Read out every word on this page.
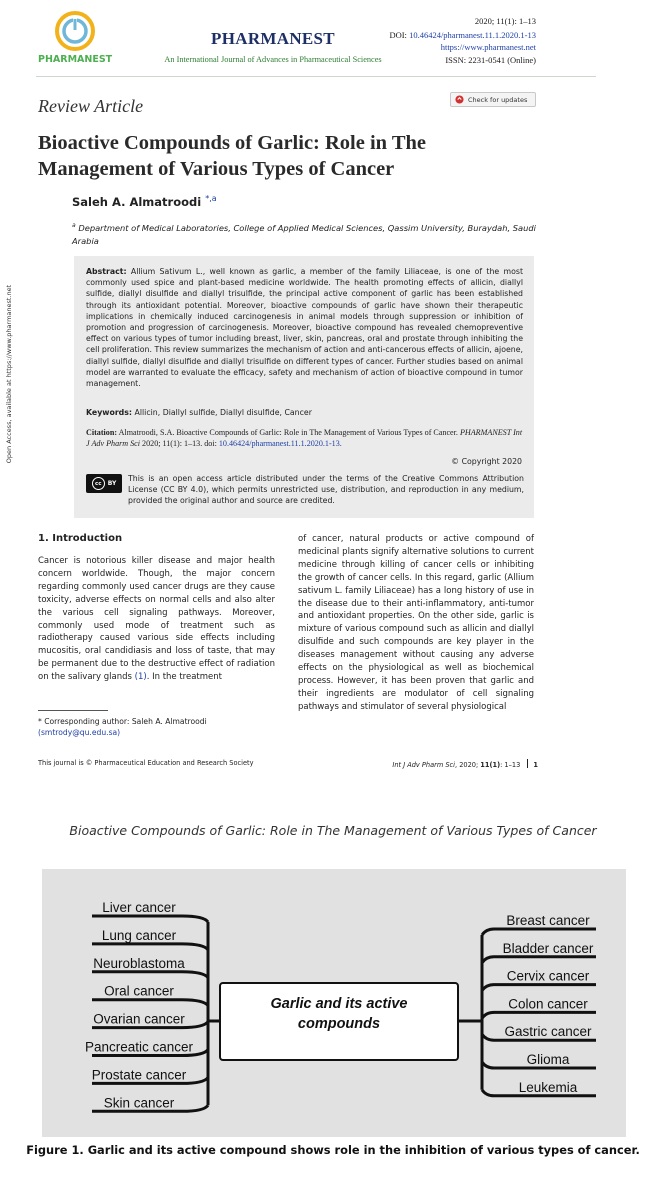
PHARMANEST
PHARMANEST
An International Journal of Advances in Pharmaceutical Sciences
2020; 11(1): 1–13
DOI: 10.46424/pharmanest.11.1.2020.1-13
https://www.pharmanest.net
ISSN: 2231-0541 (Online)
Open Access, available at https://www.pharmanest.net
Review Article	Check for updates
Bioactive Compounds of Garlic: Role in The Management of Various Types of Cancer
Saleh A. Almatroodi $^{*,a}$
$^a$ Department of Medical Laboratories, College of Applied Medical Sciences, Qassim University, Buraydah, Saudi Arabia
Abstract: Allium Sativum L., well known as garlic, a member of the family Liliaceae, is one of the most commonly used spice and plant-based medicine worldwide. The health promoting effects of allicin, diallyl sulfide, diallyl disulfide and diallyl trisulfide, the principal active component of garlic has been established through its antioxidant potential. Moreover, bioactive compounds of garlic have shown their therapeutic implications in chemically induced carcinogenesis in animal models through suppression or inhibition of promotion and progression of carcinogenesis. Moreover, bioactive compound has revealed chemopreventive effect on various types of tumor including breast, liver, skin, pancreas, oral and prostate through inhibiting the cell proliferation. This review summarizes the mechanism of action and anti-cancerous effects of allicin, ajoene, diallyl sulfide, diallyl disulfide and diallyl trisulfide on different types of cancer. Further studies based on animal model are warranted to evaluate the efficacy, safety and mechanism of action of bioactive compound in tumor management.
Keywords: Allicin, Diallyl sulfide, Diallyl disulfide, Cancer
Citation: Almatroodi, S.A. Bioactive Compounds of Garlic: Role in The Management of Various Types of Cancer. PHARMANEST Int J Adv Pharm Sci 2020; 11(1): 1–13. doi: 10.46424/pharmanest.11.1.2020.1-13.
© Copyright 2020
cc	BY
This is an open access article distributed under the terms of the Creative Commons Attribution License (CC BY 4.0), which permits unrestricted use, distribution, and reproduction in any medium, provided the original author and source are credited.
1. Introduction
Cancer is notorious killer disease and major health concern worldwide. Though, the major concern regarding commonly used cancer drugs are they cause toxicity, adverse effects on normal cells and also alter the various cell signaling pathways. Moreover, commonly used mode of treatment such as radiotherapy caused various side effects including mucositis, oral candidiasis and loss of taste, that may be permanent due to the destructive effect of radiation on the salivary glands (1). In the treatment
of cancer, natural products or active compound of medicinal plants signify alternative solutions to current medicine through killing of cancer cells or inhibiting the growth of cancer cells. In this regard, garlic (Allium sativum L. family Liliaceae) has a long history of use in the disease due to their anti-inflammatory, anti-tumor and antioxidant properties. On the other side, garlic is mixture of various compound such as allicin and diallyl disulfide and such compounds are key player in the diseases management without causing any adverse effects on the physiological as well as biochemical process. However, it has been proven that garlic and their ingredients are modulator of cell signaling pathways and stimulator of several physiological
* Corresponding author: Saleh A. Almatroodi
(smtrody@qu.edu.sa)
This journal is © Pharmaceutical Education and Research Society	Int J Adv Pharm Sci, 2020; 11(1): 1–13 1
Bioactive Compounds of Garlic: Role in The Management of Various Types of Cancer
Garlic and its active
compounds
Liver cancer
Lung cancer
Neuroblastoma
Oral cancer
Ovarian cancer
Pancreatic cancer
Prostate cancer
Skin cancer
Breast cancer
Bladder cancer
Cervix cancer
Colon cancer
Gastric cancer
Glioma
Leukemia
Figure 1. Garlic and its active compound shows role in the inhibition of various types of cancer.
